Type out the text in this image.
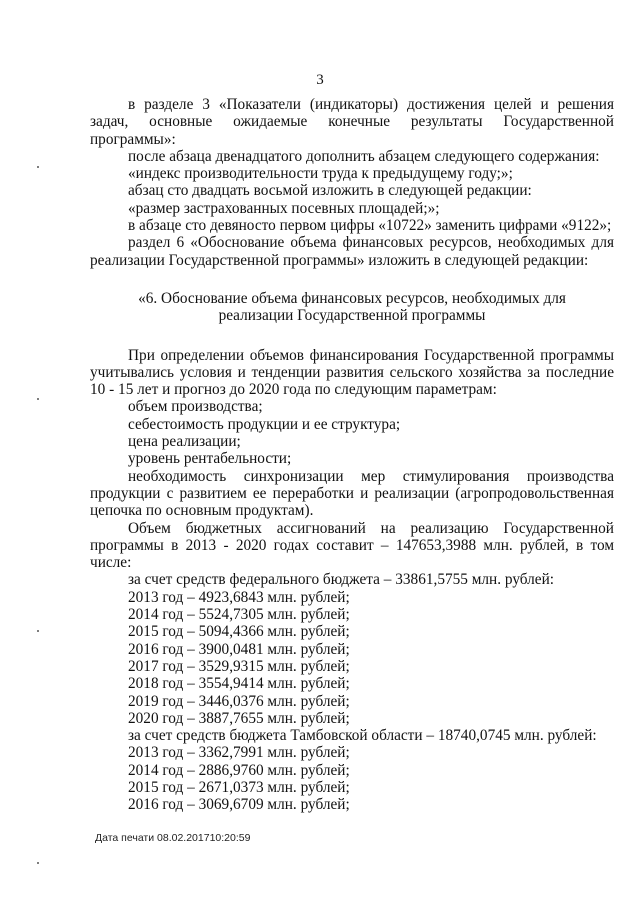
3

в разделе 3 «Показатели (индикаторы) достижения целей и решения

задач, основные ожидаемые конечные результаты Государственной

программы»:

после абзаца двенадцатого дополнить абзацем следующего содержания:

«индекс производительности труда к предыдущему году;»;

абзац сто двадцать восьмой изложить в следующей редакции:

«размер застрахованных посевных площадей;»;

в абзаце сто девяносто первом цифры «10722» заменить цифрами «9122»;

раздел 6 «Обоснование объема финансовых ресурсов, необходимых для

реализации Государственной программы» изложить в следующей редакции:

«6. Обоснование объема финансовых ресурсов, необходимых для
реализации Государственной программы

При определении объемов финансирования Государственной программы

учитывались условия и тенденции развития сельского хозяйства за последние

10 - 15 лет и прогноз до 2020 года по следующим параметрам:

объем производства;

себестоимость продукции и ее структура;

цена реализации;

уровень рентабельности;

необходимость синхронизации мер стимулирования производства

продукции с развитием ее переработки и реализации (агропродовольственная

цепочка по основным продуктам).

Объем бюджетных ассигнований на реализацию Государственной

программы в 2013 - 2020 годах составит – 147653,3988 млн. рублей, в том

числе:

за счет средств федерального бюджета – 33861,5755 млн. рублей:

2013 год – 4923,6843 млн. рублей;

2014 год – 5524,7305 млн. рублей;

2015 год – 5094,4366 млн. рублей;

2016 год – 3900,0481 млн. рублей;

2017 год – 3529,9315 млн. рублей;

2018 год – 3554,9414 млн. рублей;

2019 год – 3446,0376 млн. рублей;

2020 год – 3887,7655 млн. рублей;

за счет средств бюджета Тамбовской области – 18740,0745 млн. рублей:

2013 год – 3362,7991 млн. рублей;

2014 год – 2886,9760 млн. рублей;

2015 год – 2671,0373 млн. рублей;

2016 год – 3069,6709 млн. рублей;

Дата печати 08.02.201710:20:59
